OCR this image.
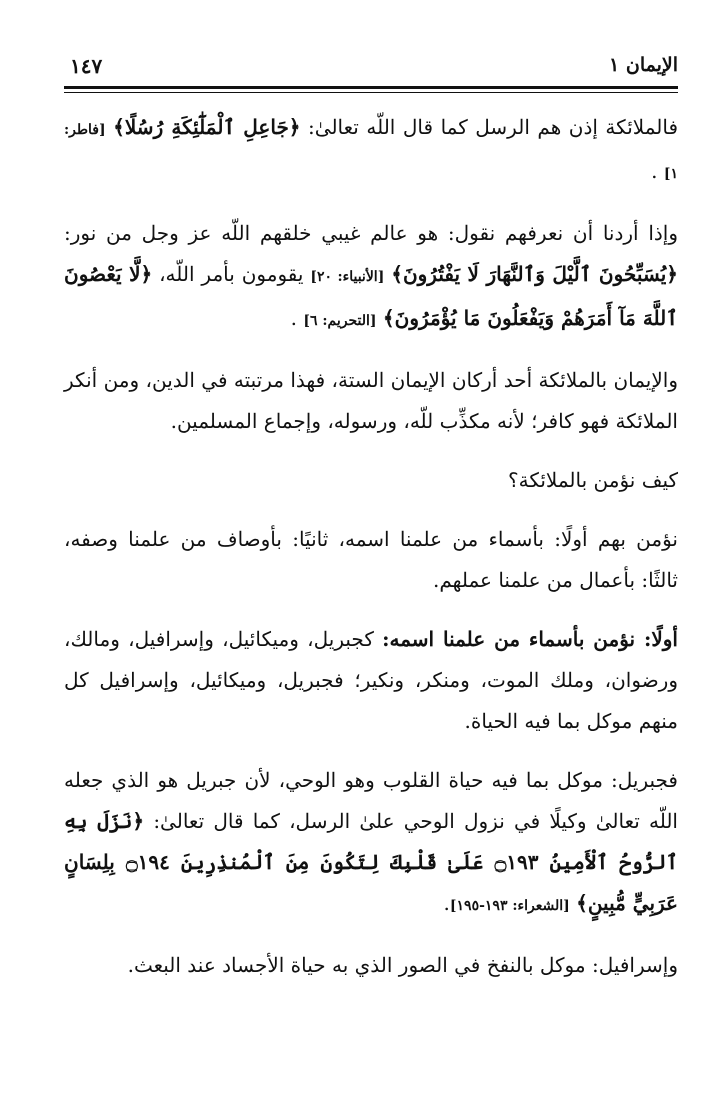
الإيمان ١
١٤٧

فالملائكة إذن هم الرسل كما قال اللّه تعالىٰ: ﴿جَاعِلِ ٱلْمَلَٰٓئِكَةِ رُسُلًا﴾ [فاطر: ١] .

وإذا أردنا أن نعرفهم نقول: هو عالم غيبي خلقهم اللّه عز وجل من نور: ﴿يُسَبِّحُونَ ٱلَّيْلَ وَٱلنَّهَارَ لَا يَفْتُرُونَ﴾ [الأنبياء: ٢٠] يقومون بأمر اللّه، ﴿لَّا يَعْصُونَ ٱللَّهَ مَآ أَمَرَهُمْ وَيَفْعَلُونَ مَا يُؤْمَرُونَ﴾ [التحريم: ٦] .

والإيمان بالملائكة أحد أركان الإيمان الستة، فهذا مرتبته في الدين، ومن أنكر الملائكة فهو كافر؛ لأنه مكذِّب للّه، ورسوله، وإجماع المسلمين.

كيف نؤمن بالملائكة؟

نؤمن بهم أولًا: بأسماء من علمنا اسمه، ثانيًا: بأوصاف من علمنا وصفه، ثالثًا: بأعمال من علمنا عملهم.

أولًا: نؤمن بأسماء من علمنا اسمه: كجبريل، وميكائيل، وإسرافيل، ومالك، ورضوان، وملك الموت، ومنكر، ونكير؛ فجبريل، وميكائيل، وإسرافيل كل منهم موكل بما فيه الحياة.

فجبريل: موكل بما فيه حياة القلوب وهو الوحي، لأن جبريل هو الذي جعله اللّه تعالىٰ وكيلًا في نزول الوحي علىٰ الرسل، كما قال تعالىٰ: ﴿نَزَلَ بِهِ ٱلرُّوحُ ٱلْأَمِينُ ۝١٩٣ عَلَىٰ قَلْبِكَ لِتَكُونَ مِنَ ٱلْمُنذِرِينَ ۝١٩٤ بِلِسَانٍ عَرَبِيٍّ مُّبِينٍ﴾ [الشعراء: ١٩٣-١٩٥].

وإسرافيل: موكل بالنفخ في الصور الذي به حياة الأجساد عند البعث.
